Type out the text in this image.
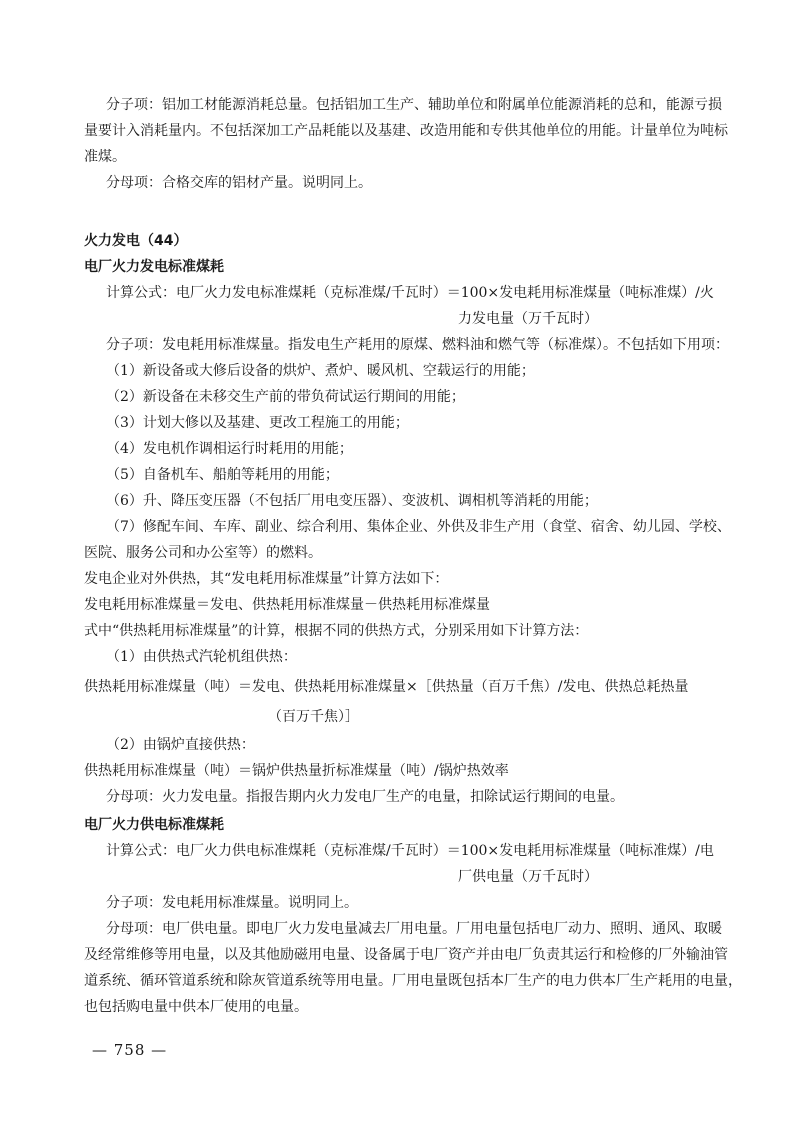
分子项：铝加工材能源消耗总量。包括铝加工生产、辅助单位和附属单位能源消耗的总和，能源亏损
量要计入消耗量内。不包括深加工产品耗能以及基建、改造用能和专供其他单位的用能。计量单位为吨标
准煤。
分母项：合格交库的铝材产量。说明同上。
火力发电（44）
电厂火力发电标准煤耗
计算公式：电厂火力发电标准煤耗（克标准煤/千瓦时）＝100×发电耗用标准煤量（吨标准煤）/火
力发电量（万千瓦时）
分子项：发电耗用标准煤量。指发电生产耗用的原煤、燃料油和燃气等（标准煤）。不包括如下用项：
（1）新设备或大修后设备的烘炉、煮炉、暖风机、空载运行的用能；
（2）新设备在未移交生产前的带负荷试运行期间的用能；
（3）计划大修以及基建、更改工程施工的用能；
（4）发电机作调相运行时耗用的用能；
（5）自备机车、船舶等耗用的用能；
（6）升、降压变压器（不包括厂用电变压器）、变波机、调相机等消耗的用能；
（7）修配车间、车库、副业、综合利用、集体企业、外供及非生产用（食堂、宿舍、幼儿园、学校、
医院、服务公司和办公室等）的燃料。
发电企业对外供热，其“发电耗用标准煤量”计算方法如下：
发电耗用标准煤量＝发电、供热耗用标准煤量－供热耗用标准煤量
式中“供热耗用标准煤量”的计算，根据不同的供热方式，分别采用如下计算方法：
（1）由供热式汽轮机组供热：
供热耗用标准煤量（吨）＝发电、供热耗用标准煤量×［供热量（百万千焦）/发电、供热总耗热量
（百万千焦）］
（2）由锅炉直接供热：
供热耗用标准煤量（吨）＝锅炉供热量折标准煤量（吨）/锅炉热效率
分母项：火力发电量。指报告期内火力发电厂生产的电量，扣除试运行期间的电量。
电厂火力供电标准煤耗
计算公式：电厂火力供电标准煤耗（克标准煤/千瓦时）＝100×发电耗用标准煤量（吨标准煤）/电
厂供电量（万千瓦时）
分子项：发电耗用标准煤量。说明同上。
分母项：电厂供电量。即电厂火力发电量减去厂用电量。厂用电量包括电厂动力、照明、通风、取暖
及经常维修等用电量，以及其他励磁用电量、设备属于电厂资产并由电厂负责其运行和检修的厂外输油管
道系统、循环管道系统和除灰管道系统等用电量。厂用电量既包括本厂生产的电力供本厂生产耗用的电量，
也包括购电量中供本厂使用的电量。
— 758 —
